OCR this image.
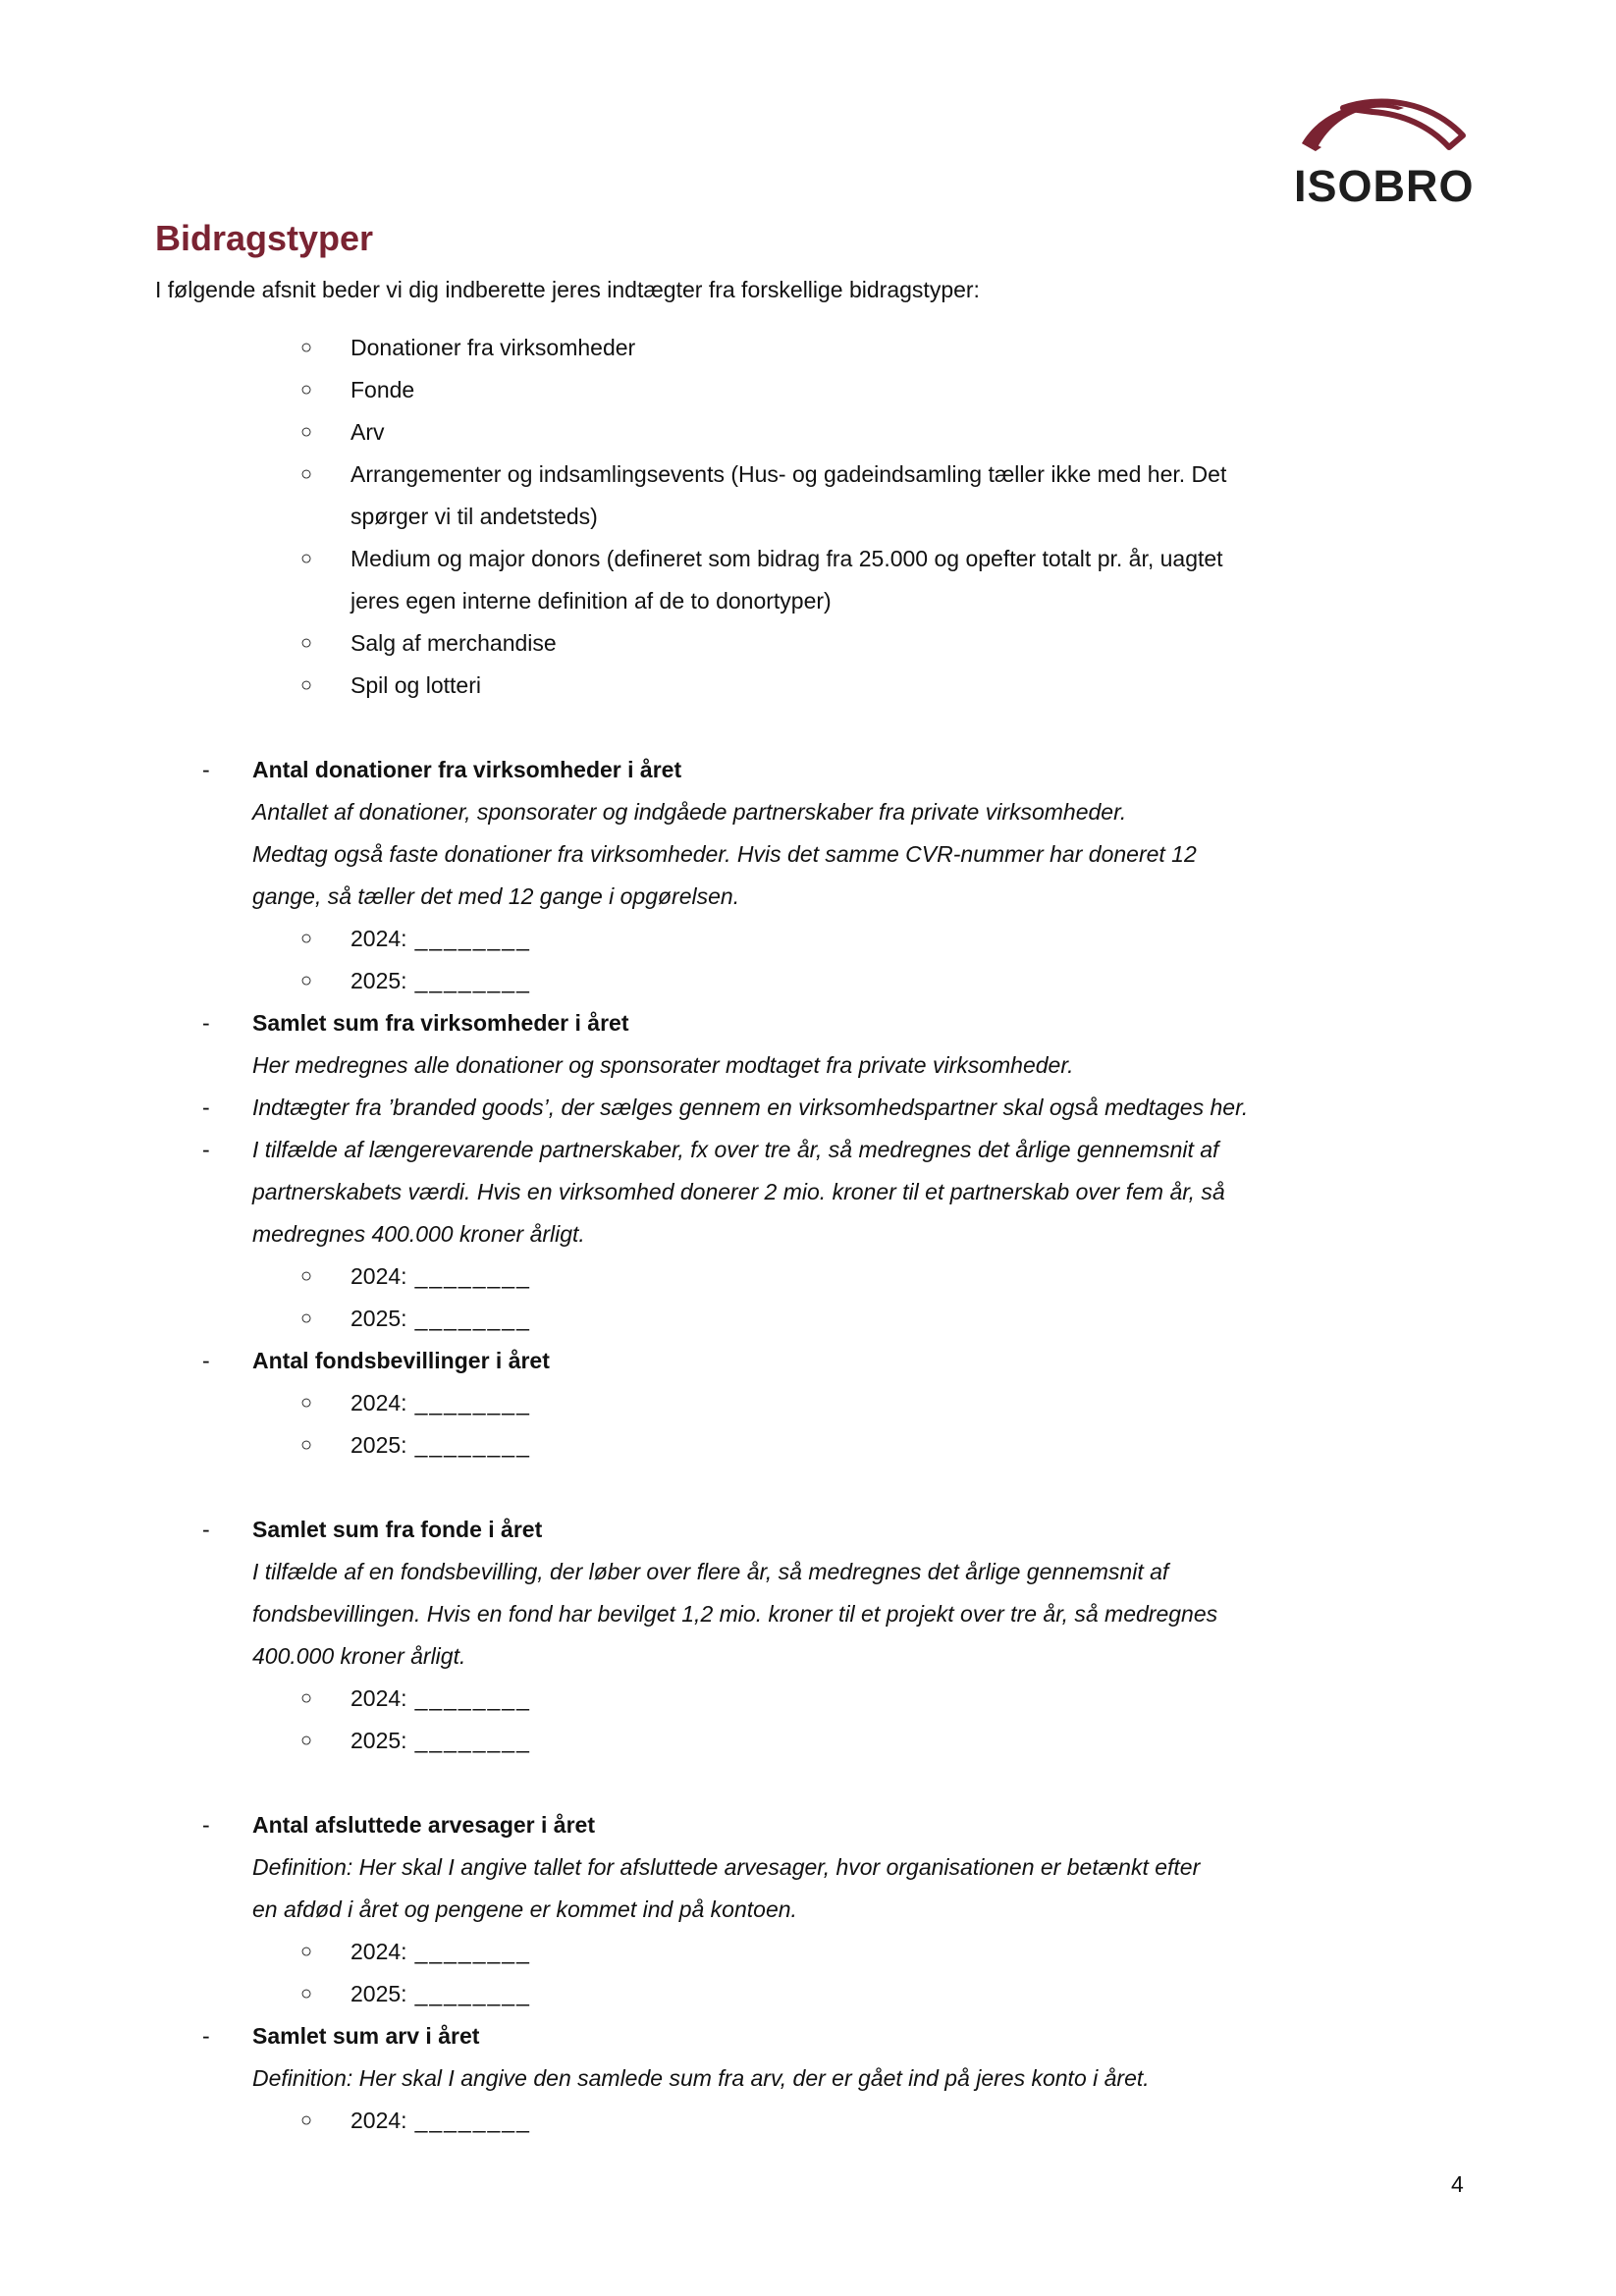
ISOBRO
Bidragstyper
I følgende afsnit beder vi dig indberette jeres indtægter fra forskellige bidragstyper:
○ Donationer fra virksomheder
○ Fonde
○ Arv
○ Arrangementer og indsamlingsevents (Hus- og gadeindsamling tæller ikke med her. Det
spørger vi til andetsteds)
○ Medium og major donors (defineret som bidrag fra 25.000 og opefter totalt pr. år, uagtet
jeres egen interne definition af de to donortyper)
○ Salg af merchandise
○ Spil og lotteri
- Antal donationer fra virksomheder i året
Antallet af donationer, sponsorater og indgåede partnerskaber fra private virksomheder.
Medtag også faste donationer fra virksomheder. Hvis det samme CVR-nummer har doneret 12
gange, så tæller det med 12 gange i opgørelsen.
○ 2024: ________
○ 2025: ________
- Samlet sum fra virksomheder i året
Her medregnes alle donationer og sponsorater modtaget fra private virksomheder.
- Indtægter fra ’branded goods’, der sælges gennem en virksomhedspartner skal også medtages her.
- I tilfælde af længerevarende partnerskaber, fx over tre år, så medregnes det årlige gennemsnit af
partnerskabets værdi. Hvis en virksomhed donerer 2 mio. kroner til et partnerskab over fem år, så
medregnes 400.000 kroner årligt.
○ 2024: ________
○ 2025: ________
- Antal fondsbevillinger i året
○ 2024: ________
○ 2025: ________
- Samlet sum fra fonde i året
I tilfælde af en fondsbevilling, der løber over flere år, så medregnes det årlige gennemsnit af
fondsbevillingen. Hvis en fond har bevilget 1,2 mio. kroner til et projekt over tre år, så medregnes
400.000 kroner årligt.
○ 2024: ________
○ 2025: ________
- Antal afsluttede arvesager i året
Definition: Her skal I angive tallet for afsluttede arvesager, hvor organisationen er betænkt efter
en afdød i året og pengene er kommet ind på kontoen.
○ 2024: ________
○ 2025: ________
- Samlet sum arv i året
Definition: Her skal I angive den samlede sum fra arv, der er gået ind på jeres konto i året.
○ 2024: ________
4
